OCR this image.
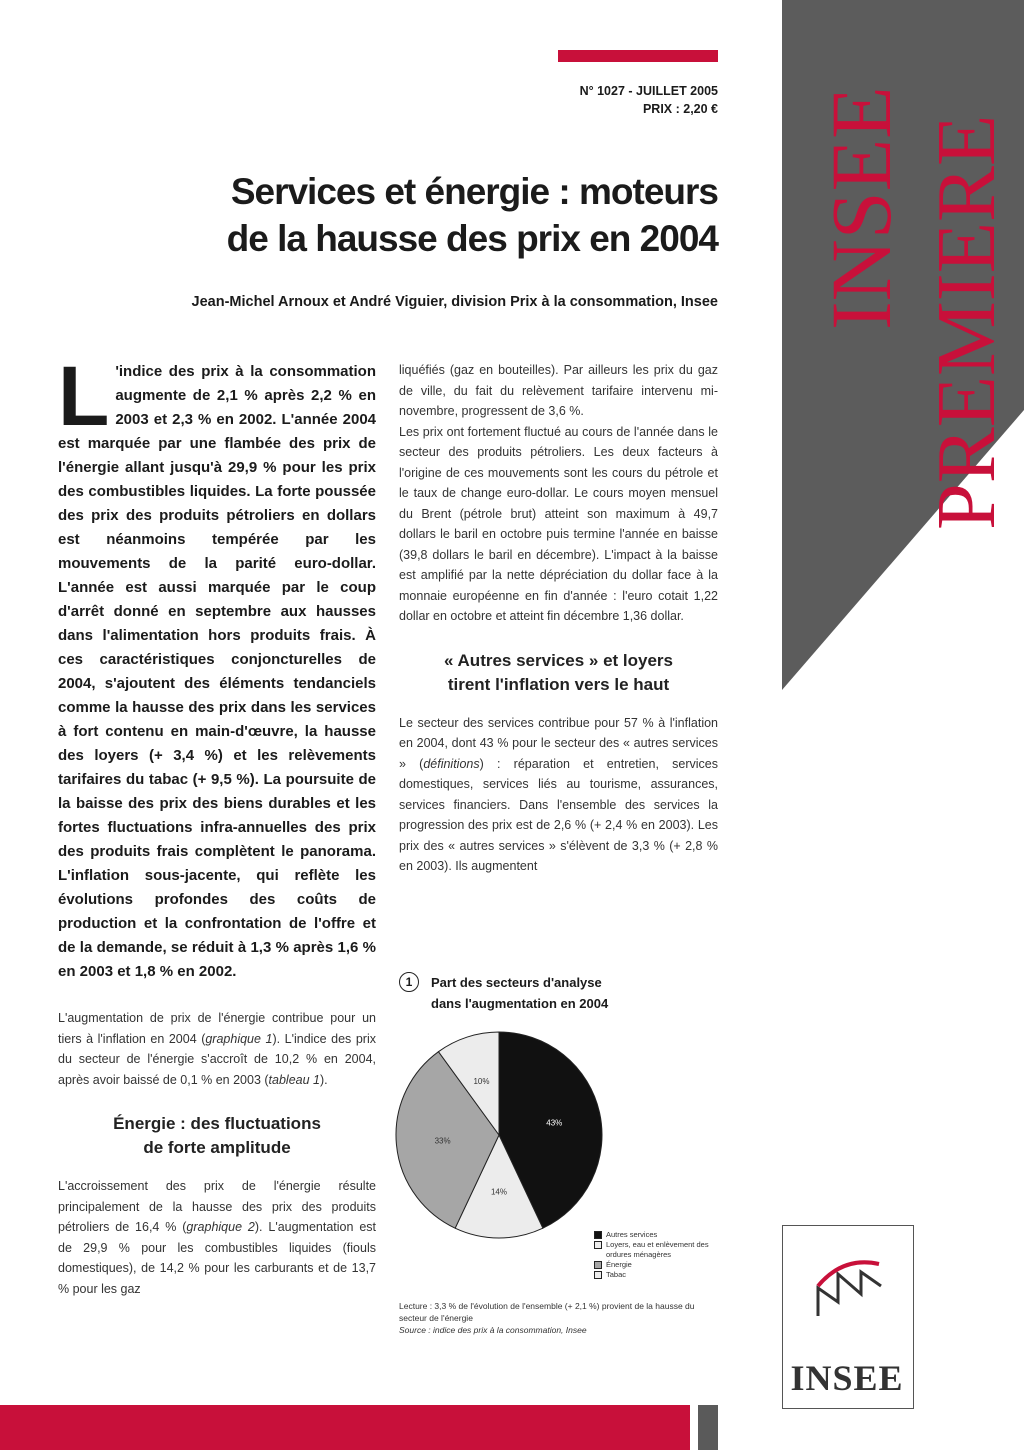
N° 1027 - JUILLET 2005
PRIX : 2,20 €
Services et énergie : moteurs
de la hausse des prix en 2004
Jean-Michel Arnoux et André Viguier, division Prix à la consommation, Insee

L 'indice des prix à la consommation augmente de 2,1 % après 2,2 % en 2003 et 2,3 % en 2002. L'année 2004 est marquée par une flambée des prix de l'énergie allant jusqu'à 29,9 % pour les prix des combustibles liquides. La forte poussée des prix des produits pétroliers en dollars est néanmoins tempérée par les mouvements de la parité euro-dollar. L'année est aussi marquée par le coup d'arrêt donné en septembre aux hausses dans l'alimentation hors produits frais. À ces caractéristiques conjoncturelles de 2004, s'ajoutent des éléments tendanciels comme la hausse des prix dans les services à fort contenu en main-d'œuvre, la hausse des loyers (+ 3,4 %) et les relèvements tarifaires du tabac (+ 9,5 %). La poursuite de la baisse des prix des biens durables et les fortes fluctuations infra-annuelles des prix des produits frais complètent le panorama. L'inflation sous-jacente, qui reflète les évolutions profondes des coûts de production et la confrontation de l'offre et de la demande, se réduit à 1,3 % après 1,6 % en 2003 et 1,8 % en 2002.

L'augmentation de prix de l'énergie contribue pour un tiers à l'inflation en 2004 (graphique 1). L'indice des prix du secteur de l'énergie s'accroît de 10,2 % en 2004, après avoir baissé de 0,1 % en 2003 (tableau 1).

Énergie : des fluctuations
de forte amplitude

L'accroissement des prix de l'énergie résulte principalement de la hausse des prix des produits pétroliers de 16,4 % (graphique 2). L'augmentation est de 29,9 % pour les combustibles liquides (fiouls domestiques), de 14,2 % pour les carburants et de 13,7 % pour les gaz

liquéfiés (gaz en bouteilles). Par ailleurs les prix du gaz de ville, du fait du relèvement tarifaire intervenu mi-novembre, progressent de 3,6 %.

Les prix ont fortement fluctué au cours de l'année dans le secteur des produits pétroliers. Les deux facteurs à l'origine de ces mouvements sont les cours du pétrole et le taux de change euro-dollar. Le cours moyen mensuel du Brent (pétrole brut) atteint son maximum à 49,7 dollars le baril en octobre puis termine l'année en baisse (39,8 dollars le baril en décembre). L'impact à la baisse est amplifié par la nette dépréciation du dollar face à la monnaie européenne en fin d'année : l'euro cotait 1,22 dollar en octobre et atteint fin décembre 1,36 dollar.

« Autres services » et loyers
tirent l'inflation vers le haut

Le secteur des services contribue pour 57 % à l'inflation en 2004, dont 43 % pour le secteur des « autres services » (définitions) : réparation et entretien, services domestiques, services liés au tourisme, assurances, services financiers. Dans l'ensemble des services la progression des prix est de 2,6 % (+ 2,4 % en 2003). Les prix des « autres services » s'élèvent de 3,3 % (+ 2,8 % en 2003). Ils augmentent

1 Part des secteurs d'analyse
dans l'augmentation en 2004
43%
14%
33%
10%
Autres services
Loyers, eau et enlèvement des ordures ménagères
Énergie
Tabac
Lecture : 3,3 % de l'évolution de l'ensemble (+ 2,1 %) provient de la hausse du secteur de l'énergie
Source : indice des prix à la consommation, Insee
INSEE PREMIERE
INSEE
